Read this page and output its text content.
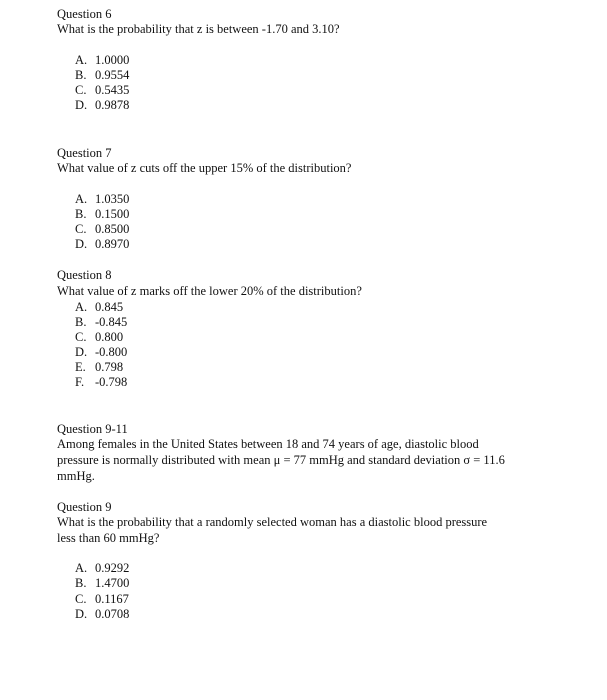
Question 6
What is the probability that z is between -1.70 and 3.10?
A. 1.0000
B. 0.9554
C. 0.5435
D. 0.9878
Question 7
What value of z cuts off the upper 15% of the distribution?
A. 1.0350
B. 0.1500
C. 0.8500
D. 0.8970
Question 8
What value of z marks off the lower 20% of the distribution?
A. 0.845
B. -0.845
C. 0.800
D. -0.800
E. 0.798
F. -0.798
Question 9-11
Among females in the United States between 18 and 74 years of age, diastolic blood
pressure is normally distributed with mean μ = 77 mmHg and standard deviation σ = 11.6
mmHg.
Question 9
What is the probability that a randomly selected woman has a diastolic blood pressure
less than 60 mmHg?
A. 0.9292
B. 1.4700
C. 0.1167
D. 0.0708
